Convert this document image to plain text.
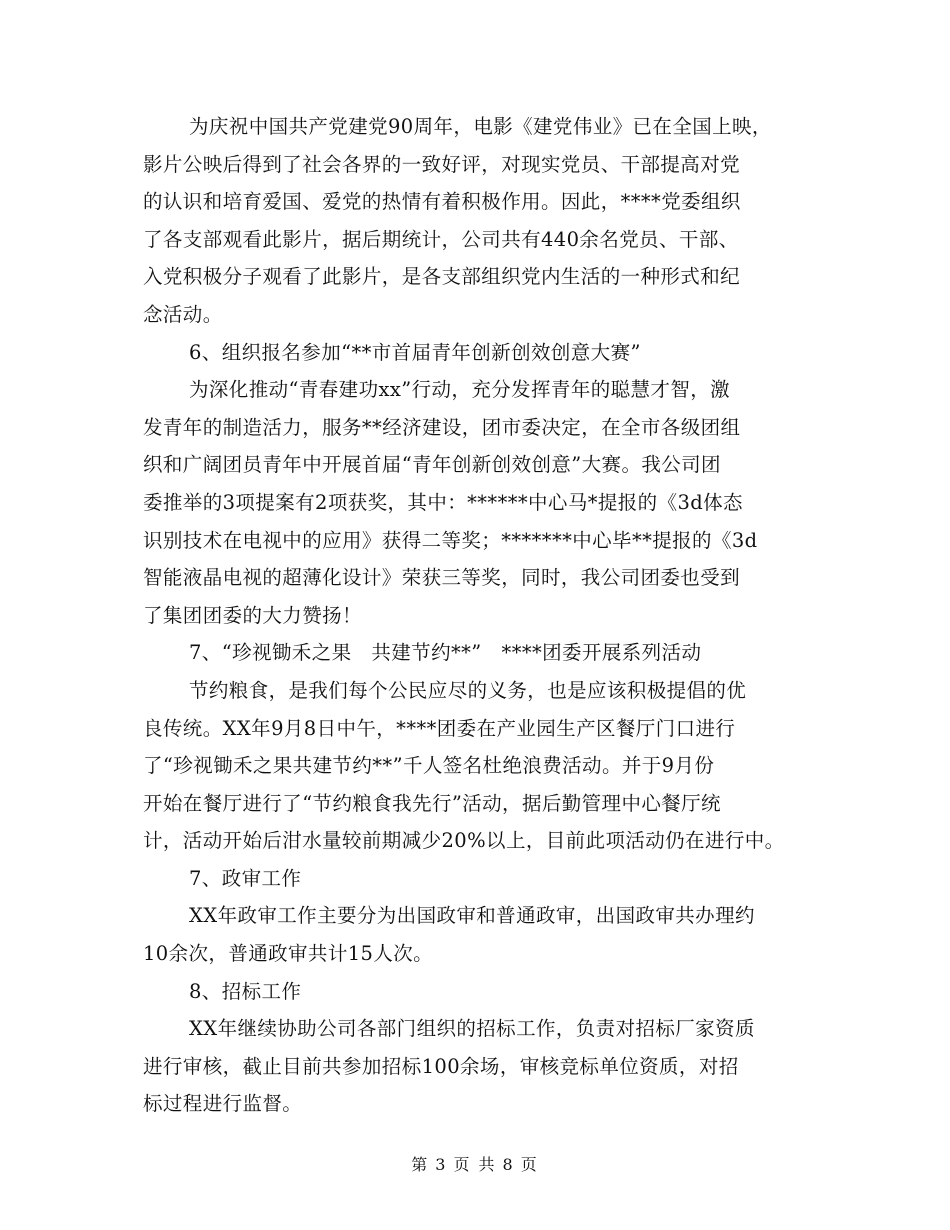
为庆祝中国共产党建党90周年，电影《建党伟业》已在全国上映，
影片公映后得到了社会各界的一致好评，对现实党员、干部提高对党
的认识和培育爱国、爱党的热情有着积极作用。因此，****党委组织
了各支部观看此影片，据后期统计，公司共有440余名党员、干部、
入党积极分子观看了此影片，是各支部组织党内生活的一种形式和纪
念活动。
6、组织报名参加“**市首届青年创新创效创意大赛”
为深化推动“青春建功xx”行动，充分发挥青年的聪慧才智，激
发青年的制造活力，服务**经济建设，团市委决定，在全市各级团组
织和广阔团员青年中开展首届“青年创新创效创意”大赛。我公司团
委推举的3项提案有2项获奖，其中：******中心马*提报的《3d体态
识别技术在电视中的应用》获得二等奖；*******中心毕**提报的《3d
智能液晶电视的超薄化设计》荣获三等奖，同时，我公司团委也受到
了集团团委的大力赞扬！
7、“珍视锄禾之果　共建节约**”　****团委开展系列活动
节约粮食，是我们每个公民应尽的义务，也是应该积极提倡的优
良传统。XX年9月8日中午，****团委在产业园生产区餐厅门口进行
了“珍视锄禾之果共建节约**”千人签名杜绝浪费活动。并于9月份
开始在餐厅进行了“节约粮食我先行”活动，据后勤管理中心餐厅统
计，活动开始后泔水量较前期减少20%以上，目前此项活动仍在进行中。
7、政审工作
XX年政审工作主要分为出国政审和普通政审，出国政审共办理约
10余次，普通政审共计15人次。
8、招标工作
XX年继续协助公司各部门组织的招标工作，负责对招标厂家资质
进行审核，截止目前共参加招标100余场，审核竞标单位资质，对招
标过程进行监督。
第 3 页 共 8 页
